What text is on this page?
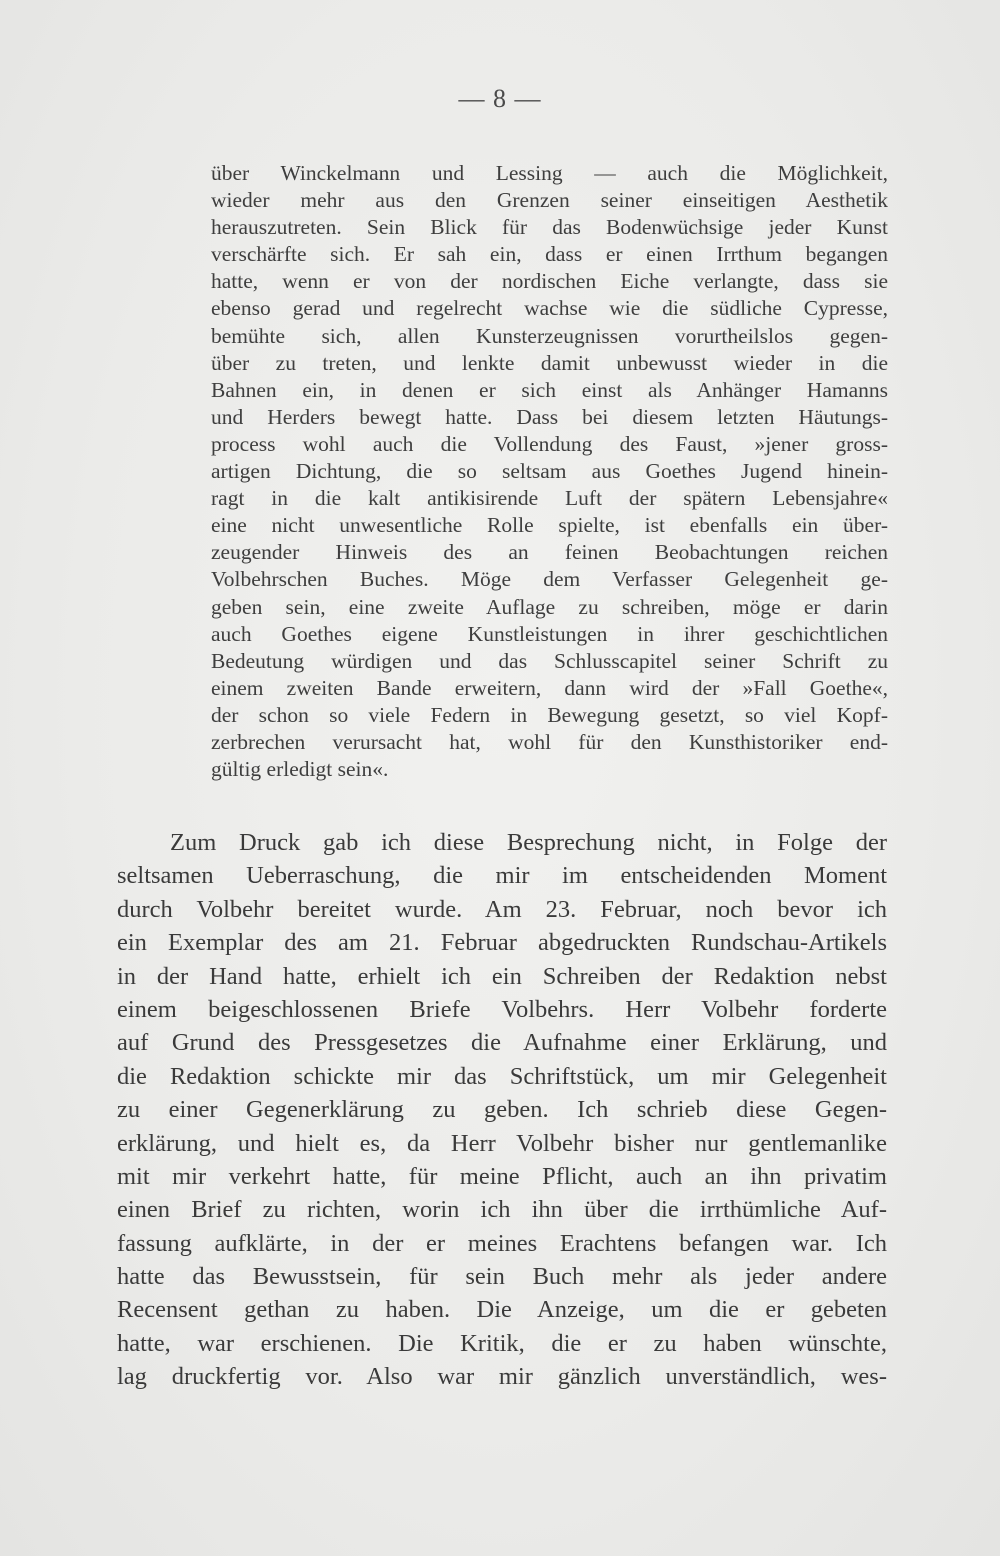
— 8 —
über Winckelmann und Lessing — auch die Möglichkeit,
wieder mehr aus den Grenzen seiner einseitigen Aesthetik
herauszutreten. Sein Blick für das Bodenwüchsige jeder Kunst
verschärfte sich. Er sah ein, dass er einen Irrthum begangen
hatte, wenn er von der nordischen Eiche verlangte, dass sie
ebenso gerad und regelrecht wachse wie die südliche Cypresse,
bemühte sich, allen Kunsterzeugnissen vorurtheilslos gegen-
über zu treten, und lenkte damit unbewusst wieder in die
Bahnen ein, in denen er sich einst als Anhänger Hamanns
und Herders bewegt hatte. Dass bei diesem letzten Häutungs-
process wohl auch die Vollendung des Faust, »jener gross-
artigen Dichtung, die so seltsam aus Goethes Jugend hinein-
ragt in die kalt antikisirende Luft der spätern Lebensjahre«
eine nicht unwesentliche Rolle spielte, ist ebenfalls ein über-
zeugender Hinweis des an feinen Beobachtungen reichen
Volbehrschen Buches. Möge dem Verfasser Gelegenheit ge-
geben sein, eine zweite Auflage zu schreiben, möge er darin
auch Goethes eigene Kunstleistungen in ihrer geschichtlichen
Bedeutung würdigen und das Schlusscapitel seiner Schrift zu
einem zweiten Bande erweitern, dann wird der »Fall Goethe«,
der schon so viele Federn in Bewegung gesetzt, so viel Kopf-
zerbrechen verursacht hat, wohl für den Kunsthistoriker end-
gültig erledigt sein«.
Zum Druck gab ich diese Besprechung nicht, in Folge der
seltsamen Ueberraschung, die mir im entscheidenden Moment
durch Volbehr bereitet wurde. Am 23. Februar, noch bevor ich
ein Exemplar des am 21. Februar abgedruckten Rundschau-Artikels
in der Hand hatte, erhielt ich ein Schreiben der Redaktion nebst
einem beigeschlossenen Briefe Volbehrs. Herr Volbehr forderte
auf Grund des Pressgesetzes die Aufnahme einer Erklärung, und
die Redaktion schickte mir das Schriftstück, um mir Gelegenheit
zu einer Gegenerklärung zu geben. Ich schrieb diese Gegen-
erklärung, und hielt es, da Herr Volbehr bisher nur gentlemanlike
mit mir verkehrt hatte, für meine Pflicht, auch an ihn privatim
einen Brief zu richten, worin ich ihn über die irrthümliche Auf-
fassung aufklärte, in der er meines Erachtens befangen war. Ich
hatte das Bewusstsein, für sein Buch mehr als jeder andere
Recensent gethan zu haben. Die Anzeige, um die er gebeten
hatte, war erschienen. Die Kritik, die er zu haben wünschte,
lag druckfertig vor. Also war mir gänzlich unverständlich, wes-
